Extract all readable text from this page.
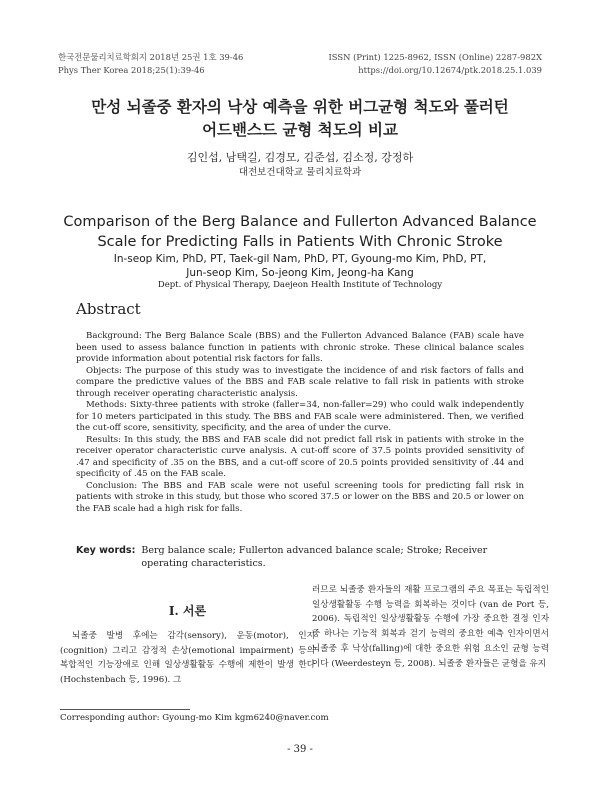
한국전문물리치료학회지 2018년 25권 1호 39-46
Phys Ther Korea 2018;25(1):39-46
ISSN (Print) 1225-8962, ISSN (Online) 2287-982X
https://doi.org/10.12674/ptk.2018.25.1.039
만성 뇌졸중 환자의 낙상 예측을 위한 버그균형 척도와 풀러턴
어드밴스드 균형 척도의 비교
김인섭, 남택길, 김경모, 김준섭, 김소정, 강정하
대전보건대학교 물리치료학과
Comparison of the Berg Balance and Fullerton Advanced Balance
Scale for Predicting Falls in Patients With Chronic Stroke
In-seop Kim, PhD, PT, Taek-gil Nam, PhD, PT, Gyoung-mo Kim, PhD, PT,
Jun-seop Kim, So-jeong Kim, Jeong-ha Kang
Dept. of Physical Therapy, Daejeon Health Institute of Technology
Abstract

Background: The Berg Balance Scale (BBS) and the Fullerton Advanced Balance (FAB) scale have been used to assess balance function in patients with chronic stroke. These clinical balance scales provide information about potential risk factors for falls.

Objects: The purpose of this study was to investigate the incidence of and risk factors of falls and compare the predictive values of the BBS and FAB scale relative to fall risk in patients with stroke through receiver operating characteristic analysis.

Methods: Sixty-three patients with stroke (faller=34, non-faller=29) who could walk independently for 10 meters participated in this study. The BBS and FAB scale were administered. Then, we verified the cut-off score, sensitivity, specificity, and the area of under the curve.

Results: In this study, the BBS and FAB scale did not predict fall risk in patients with stroke in the receiver operator characteristic curve analysis. A cut-off score of 37.5 points provided sensitivity of .47 and specificity of .35 on the BBS, and a cut-off score of 20.5 points provided sensitivity of .44 and specificity of .45 on the FAB scale.

Conclusion: The BBS and FAB scale were not useful screening tools for predicting fall risk in patients with stroke in this study, but those who scored 37.5 or lower on the BBS and 20.5 or lower on the FAB scale had a high risk for falls.

Key words: Berg balance scale; Fullerton advanced balance scale; Stroke; Receiver operating characteristics.
Ⅰ. 서론
뇌졸중 발병 후에는 감각(sensory), 운동(motor), 인지(cognition) 그리고 감정적 손상(emotional impairment) 등의 복합적인 기능장애로 인해 일상생활활동 수행에 제한이 발생 한다(Hochstenbach 등, 1996). 그
러므로 뇌졸중 환자들의 재활 프로그램의 주요 목표는 독립적인 일상생활활동 수행 능력을 회복하는 것이다 (van de Port 등, 2006). 독립적인 일상생활활동 수행에 가장 중요한 결정 인자 중 하나는 기능적 회복과 걷기 능력의 중요한 예측 인자이면서 뇌졸중 후 낙상(falling)에 대한 중요한 위험 요소인 균형 능력이다 (Weerdesteyn 등, 2008). 뇌졸중 환자들은 균형을 유지
Corresponding author: Gyoung-mo Kim kgm6240@naver.com
- 39 -
